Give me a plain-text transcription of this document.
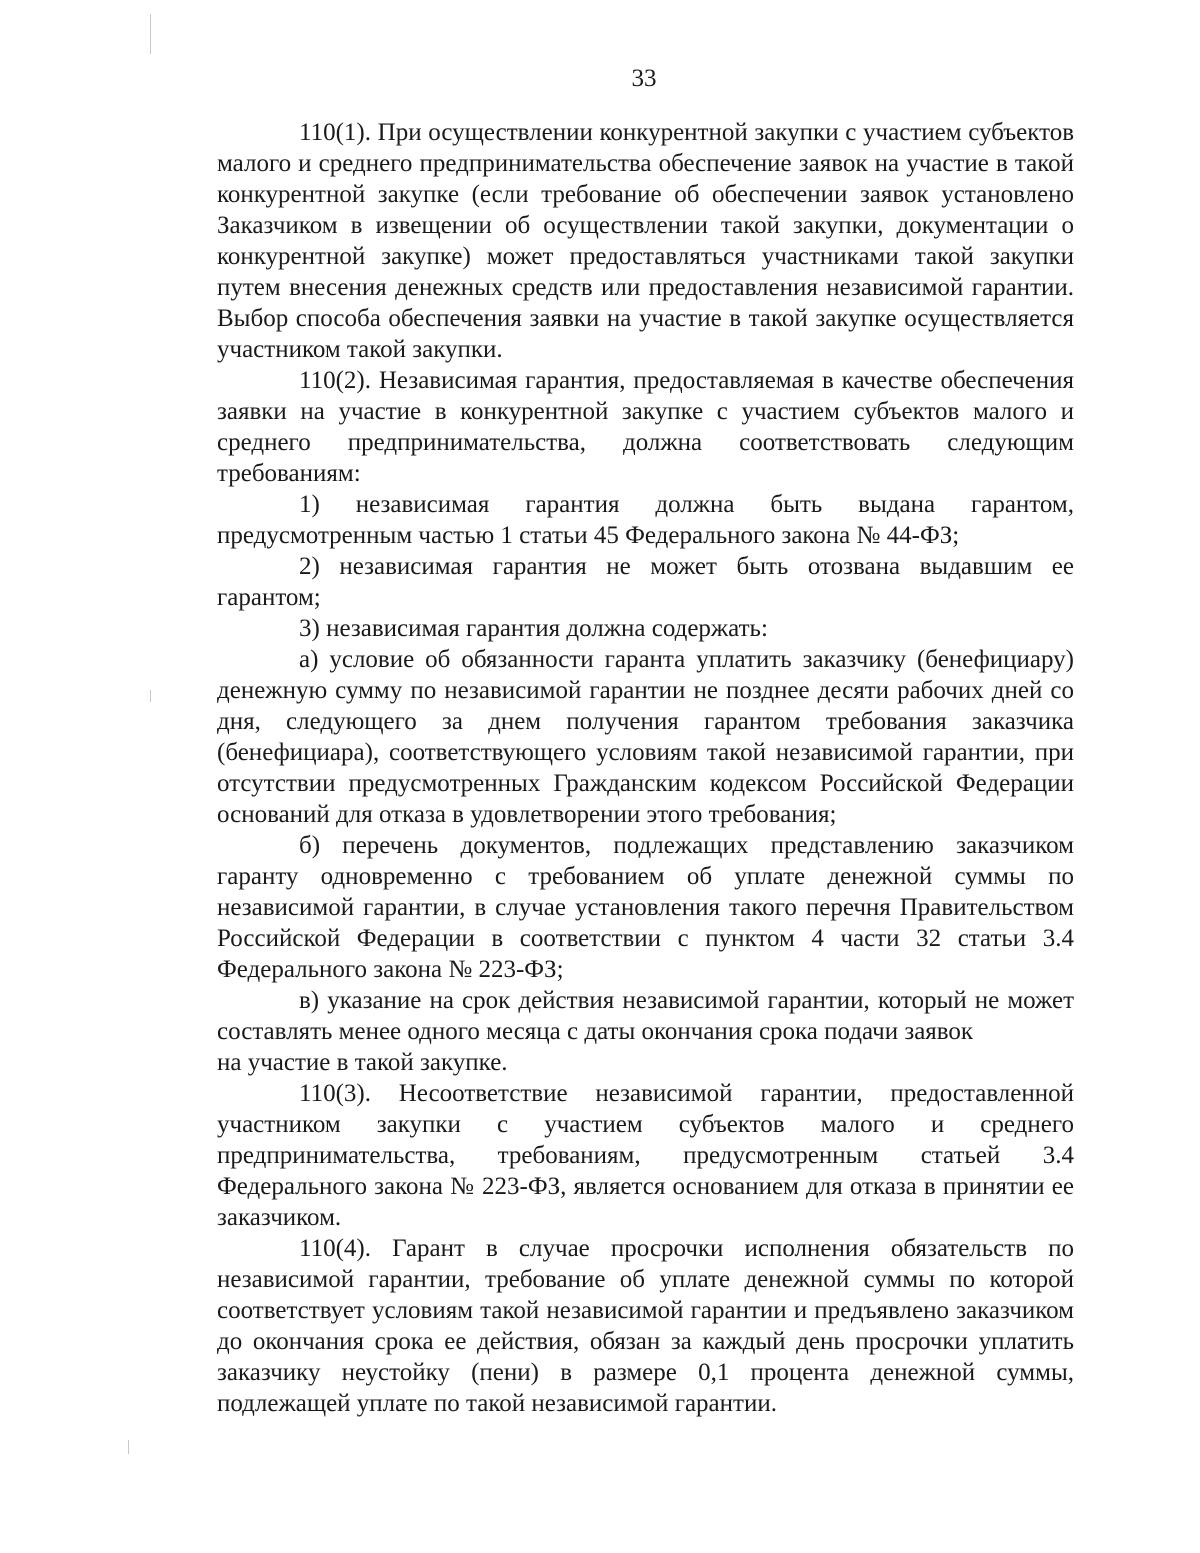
33

110(1). При осуществлении конкурентной закупки с участием субъектов малого и среднего предпринимательства обеспечение заявок на участие в такой конкурентной закупке (если требование об обеспечении заявок установлено Заказчиком в извещении об осуществлении такой закупки, документации о конкурентной закупке) может предоставляться участниками такой закупки путем внесения денежных средств или предоставления независимой гарантии. Выбор способа обеспечения заявки на участие в такой закупке осуществляется участником такой закупки.

110(2). Независимая гарантия, предоставляемая в качестве обеспечения заявки на участие в конкурентной закупке с участием субъектов малого и среднего предпринимательства, должна соответствовать следующим требованиям:

1) независимая гарантия должна быть выдана гарантом, предусмотренным частью 1 статьи 45 Федерального закона № 44-ФЗ;

2) независимая гарантия не может быть отозвана выдавшим ее гарантом;

3) независимая гарантия должна содержать:

а) условие об обязанности гаранта уплатить заказчику (бенефициару) денежную сумму по независимой гарантии не позднее десяти рабочих дней со дня, следующего за днем получения гарантом требования заказчика (бенефициара), соответствующего условиям такой независимой гарантии, при отсутствии предусмотренных Гражданским кодексом Российской Федерации оснований для отказа в удовлетворении этого требования;

б) перечень документов, подлежащих представлению заказчиком гаранту одновременно с требованием об уплате денежной суммы по независимой гарантии, в случае установления такого перечня Правительством Российской Федерации в соответствии с пунктом 4 части 32 статьи 3.4 Федерального закона № 223-ФЗ;

в) указание на срок действия независимой гарантии, который не может составлять менее одного месяца с даты окончания срока подачи заявок

на участие в такой закупке.

110(3). Несоответствие независимой гарантии, предоставленной участником закупки с участием субъектов малого и среднего предпринимательства, требованиям, предусмотренным статьей 3.4 Федерального закона № 223-ФЗ, является основанием для отказа в принятии ее заказчиком.

110(4). Гарант в случае просрочки исполнения обязательств по независимой гарантии, требование об уплате денежной суммы по которой соответствует условиям такой независимой гарантии и предъявлено заказчиком до окончания срока ее действия, обязан за каждый день просрочки уплатить заказчику неустойку (пени) в размере 0,1 процента денежной суммы, подлежащей уплате по такой независимой гарантии.
